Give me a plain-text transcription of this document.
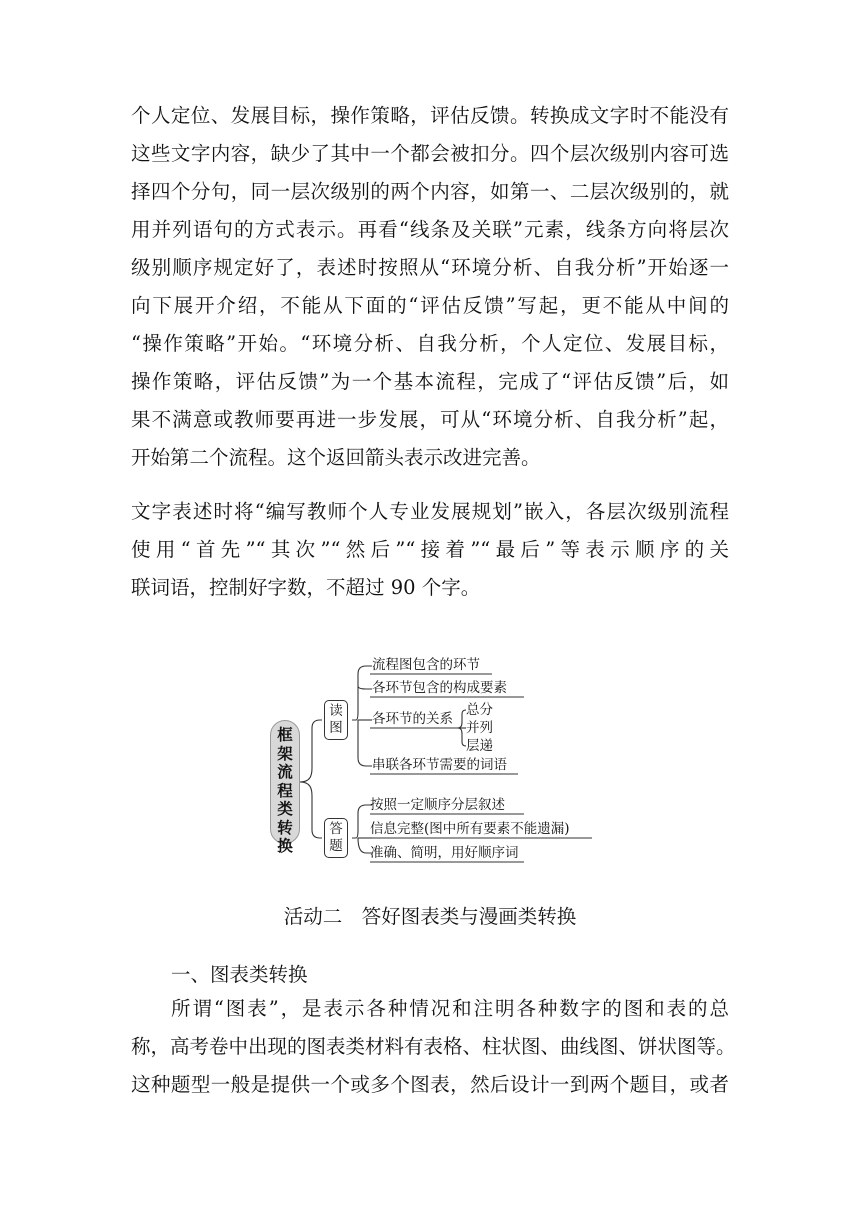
个人定位、发展目标，操作策略，评估反馈。转换成文字时不能没有
这些文字内容，缺少了其中一个都会被扣分。四个层次级别内容可选
择四个分句，同一层次级别的两个内容，如第一、二层次级别的，就
用并列语句的方式表示。再看“线条及关联”元素，线条方向将层次
级别顺序规定好了，表述时按照从“环境分析、自我分析”开始逐一
向下展开介绍，不能从下面的“评估反馈”写起，更不能从中间的
“操作策略”开始。“环境分析、自我分析，个人定位、发展目标，
操作策略，评估反馈”为一个基本流程，完成了“评估反馈”后，如
果不满意或教师要再进一步发展，可从“环境分析、自我分析”起，
开始第二个流程。这个返回箭头表示改进完善。
文字表述时将“编写教师个人专业发展规划”嵌入，各层次级别流程
使用“首先”“其次”“然后”“接着”“最后”等表示顺序的关
联词语，控制好字数，不超过 90 个字。
框
架
流
程
类
转
换
读
图
答
题
流程图包含的环节
各环节包含的构成要素
各环节的关系
串联各环节需要的词语
总分
并列
层递
按照一定顺序分层叙述
信息完整(图中所有要素不能遗漏)
准确、简明，用好顺序词
活动二　答好图表类与漫画类转换
一、图表类转换
所谓“图表”，是表示各种情况和注明各种数字的图和表的总
称，高考卷中出现的图表类材料有表格、柱状图、曲线图、饼状图等。
这种题型一般是提供一个或多个图表，然后设计一到两个题目，或者
